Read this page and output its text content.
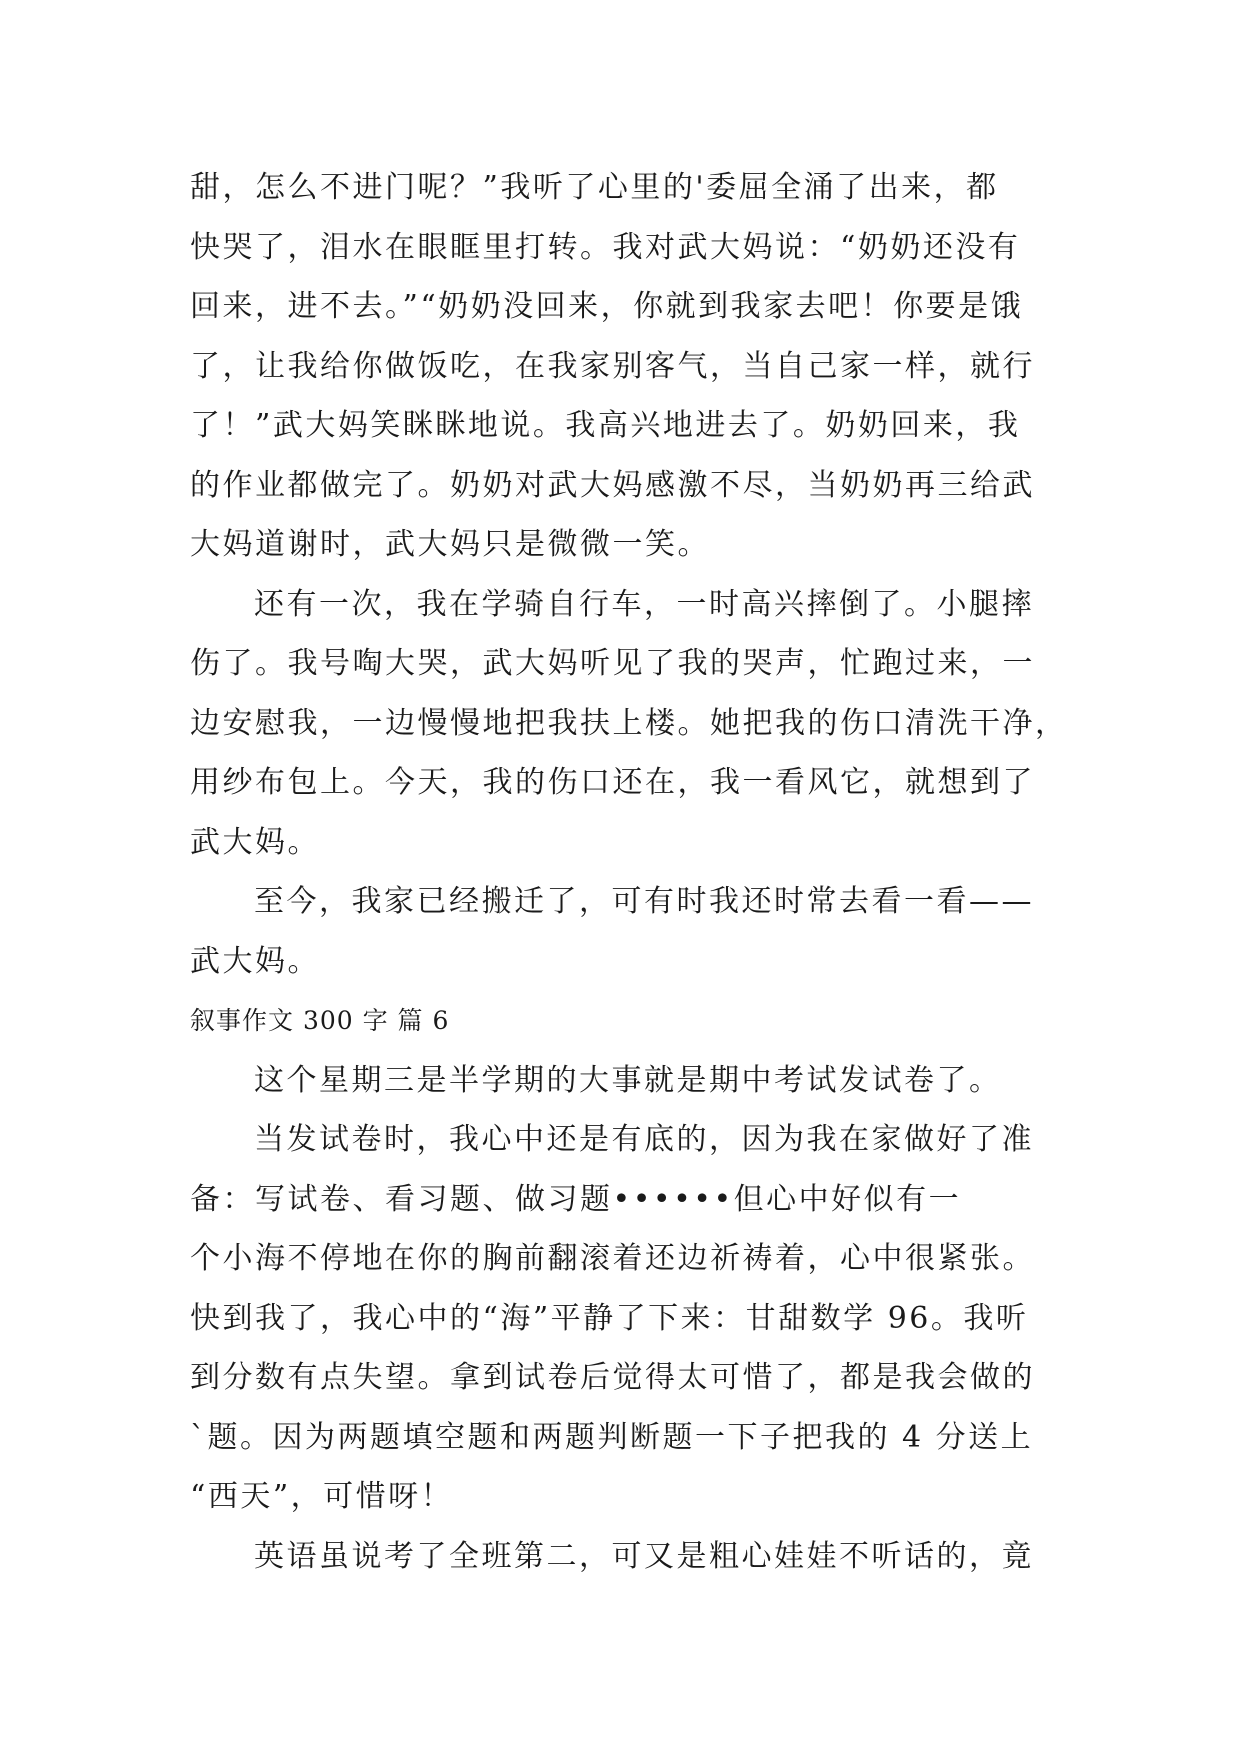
甜，怎么不进门呢？”我听了心里的'委屈全涌了出来，都
快哭了，泪水在眼眶里打转。我对武大妈说：“奶奶还没有
回来，进不去。”“奶奶没回来，你就到我家去吧！你要是饿
了，让我给你做饭吃，在我家别客气，当自己家一样，就行
了！”武大妈笑眯眯地说。我高兴地进去了。奶奶回来，我
的作业都做完了。奶奶对武大妈感激不尽，当奶奶再三给武
大妈道谢时，武大妈只是微微一笑。
还有一次，我在学骑自行车，一时高兴摔倒了。小腿摔
伤了。我号啕大哭，武大妈听见了我的哭声，忙跑过来，一
边安慰我，一边慢慢地把我扶上楼。她把我的伤口清洗干净，
用纱布包上。今天，我的伤口还在，我一看风它，就想到了
武大妈。
至今，我家已经搬迁了，可有时我还时常去看一看——
武大妈。
叙事作文 300 字 篇 6
这个星期三是半学期的大事就是期中考试发试卷了。
当发试卷时，我心中还是有底的，因为我在家做好了准
备：写试卷、看习题、做习题••••••但心中好似有一
个小海不停地在你的胸前翻滚着还边祈祷着，心中很紧张。
快到我了，我心中的“海”平静了下来：甘甜数学 96。我听
到分数有点失望。拿到试卷后觉得太可惜了，都是我会做的
`题。因为两题填空题和两题判断题一下子把我的 4 分送上
“西天”，可惜呀！
英语虽说考了全班第二，可又是粗心娃娃不听话的，竟
